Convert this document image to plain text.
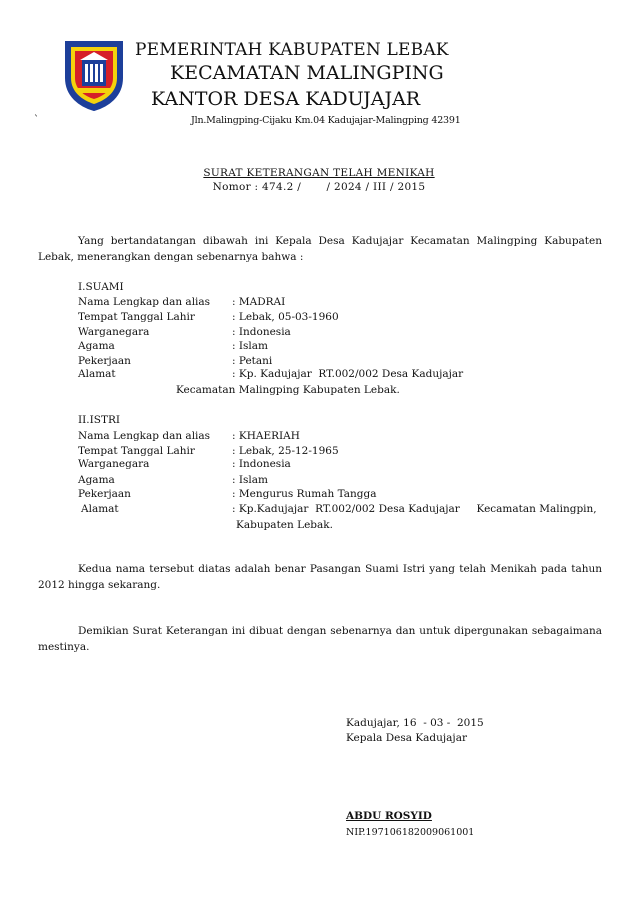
`
PEMERINTAH KABUPATEN LEBAK
KECAMATAN MALINGPING
KANTOR DESA KADUJAJAR
Jln.Malingping-Cijaku Km.04 Kadujajar-Malingping 42391
SURAT KETERANGAN TELAH MENIKAH
Nomor : 474.2 /       / 2024 / III / 2015
Yang bertandatangan dibawah ini Kepala Desa Kadujajar Kecamatan Malingping Kabupaten Lebak, menerangkan dengan sebenarnya bahwa :
I.SUAMI
Nama Lengkap dan alias : MADRAI
Tempat Tanggal Lahir	: Lebak, 05-03-1960
Warganegara	: Indonesia
Agama	: Islam
Pekerjaan	: Petani
Alamat	: Kp. Kadujajar  RT.002/002 Desa Kadujajar
Kecamatan Malingping Kabupaten Lebak.
II.ISTRI
Nama Lengkap dan alias : KHAERIAH
Tempat Tanggal Lahir	: Lebak, 25-12-1965
Warganegara	: Indonesia
Agama	: Islam
Pekerjaan	: Mengurus Rumah Tangga
Alamat	: Kp.Kadujajar  RT.002/002 Desa Kadujajar     Kecamatan Malingpin,
Kabupaten Lebak.
Kedua nama tersebut diatas adalah benar Pasangan Suami Istri yang telah Menikah pada tahun 2012 hingga sekarang.
Demikian Surat Keterangan ini dibuat dengan sebenarnya dan untuk dipergunakan sebagaimana mestinya.
Kadujajar, 16  - 03 -  2015
Kepala Desa Kadujajar
ABDU ROSYID
NIP.197106182009061001
